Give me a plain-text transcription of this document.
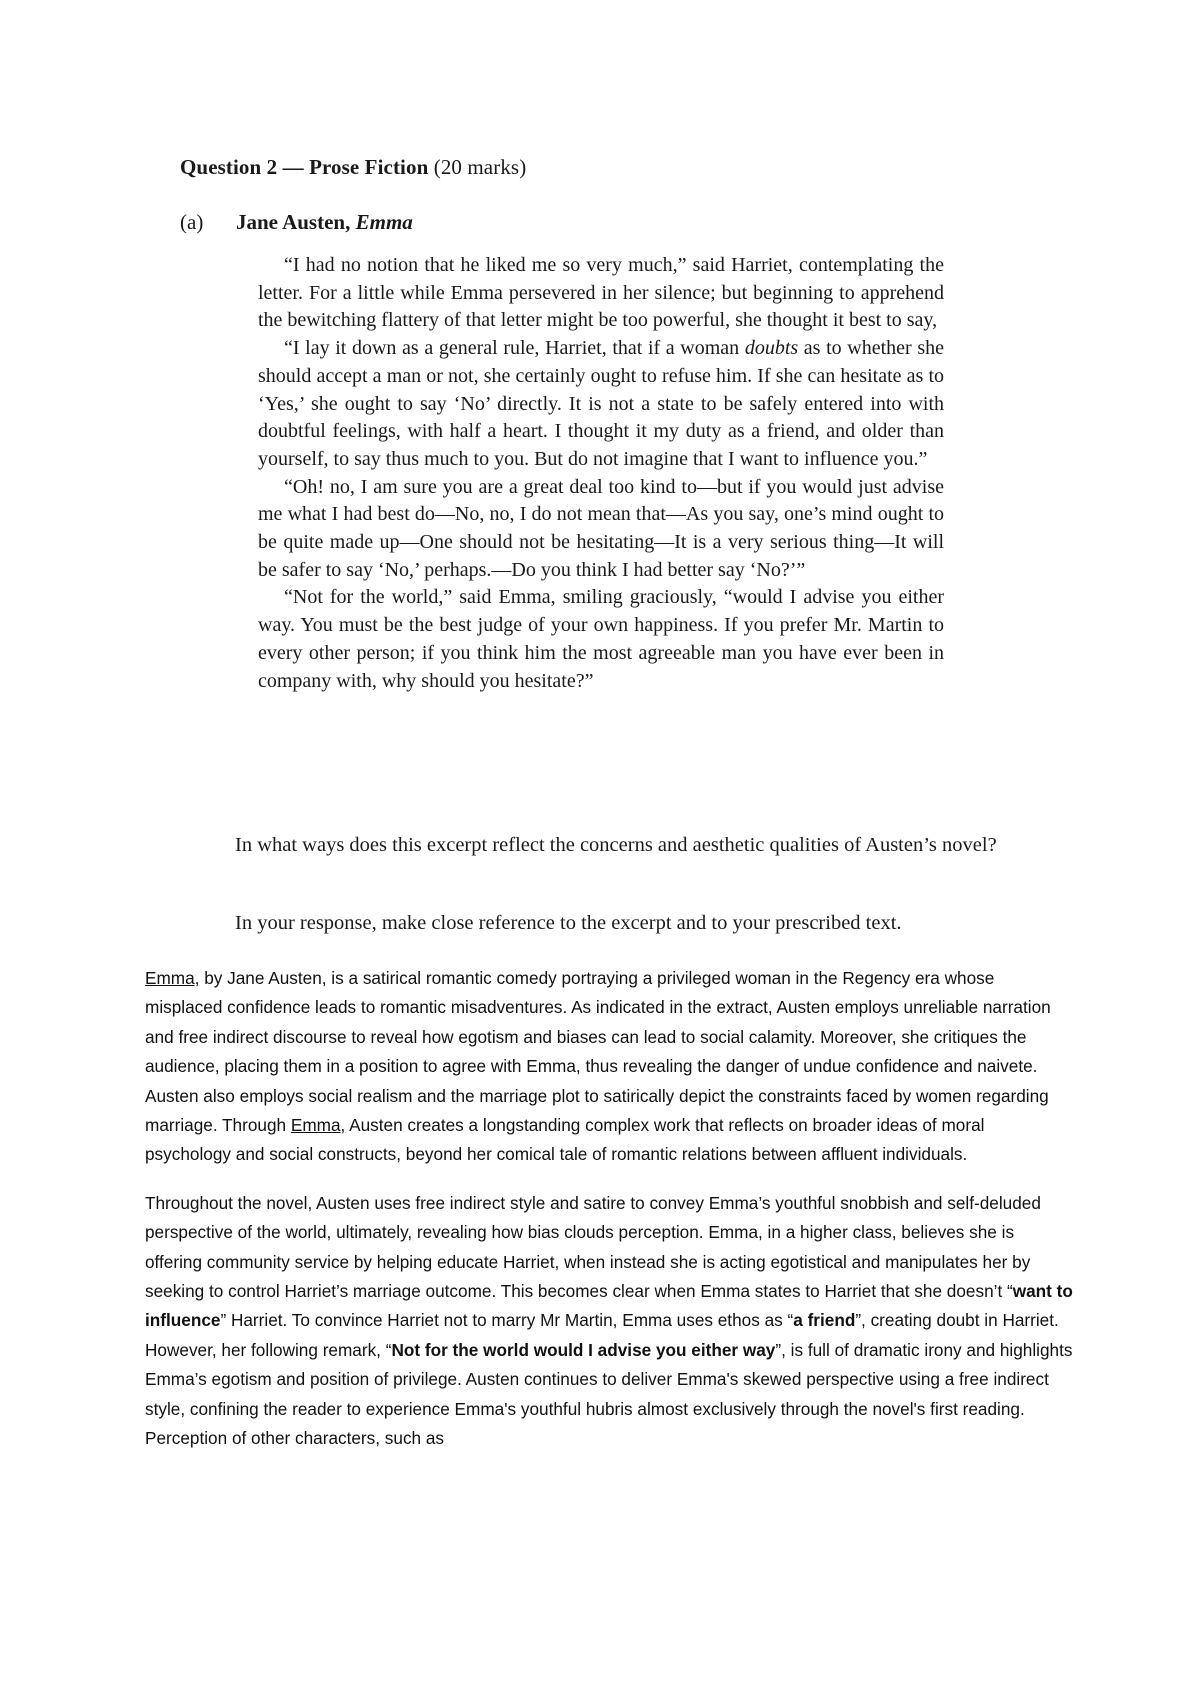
Question 2 — Prose Fiction (20 marks)
(a) Jane Austen, Emma

“I had no notion that he liked me so very much,” said Harriet, contemplating the letter. For a little while Emma persevered in her silence; but beginning to apprehend the bewitching flattery of that letter might be too powerful, she thought it best to say,

“I lay it down as a general rule, Harriet, that if a woman doubts as to whether she should accept a man or not, she certainly ought to refuse him. If she can hesitate as to ‘Yes,’ she ought to say ‘No’ directly. It is not a state to be safely entered into with doubtful feelings, with half a heart. I thought it my duty as a friend, and older than yourself, to say thus much to you. But do not imagine that I want to influence you.”

“Oh! no, I am sure you are a great deal too kind to—but if you would just advise me what I had best do—No, no, I do not mean that—As you say, one’s mind ought to be quite made up—One should not be hesitating—It is a very serious thing—It will be safer to say ‘No,’ perhaps.—Do you think I had better say ‘No?’”

“Not for the world,” said Emma, smiling graciously, “would I advise you either way. You must be the best judge of your own happiness. If you prefer Mr. Martin to every other person; if you think him the most agreeable man you have ever been in company with, why should you hesitate?”

In what ways does this excerpt reflect the concerns and aesthetic qualities of Austen’s novel?

In your response, make close reference to the excerpt and to your prescribed text.

Emma, by Jane Austen, is a satirical romantic comedy portraying a privileged woman in the Regency era whose misplaced confidence leads to romantic misadventures. As indicated in the extract, Austen employs unreliable narration and free indirect discourse to reveal how egotism and biases can lead to social calamity. Moreover, she critiques the audience, placing them in a position to agree with Emma, thus revealing the danger of undue confidence and naivete. Austen also employs social realism and the marriage plot to satirically depict the constraints faced by women regarding marriage. Through Emma, Austen creates a longstanding complex work that reflects on broader ideas of moral psychology and social constructs, beyond her comical tale of romantic relations between affluent individuals.

Throughout the novel, Austen uses free indirect style and satire to convey Emma’s youthful snobbish and self-deluded perspective of the world, ultimately, revealing how bias clouds perception. Emma, in a higher class, believes she is offering community service by helping educate Harriet, when instead she is acting egotistical and manipulates her by seeking to control Harriet’s marriage outcome. This becomes clear when Emma states to Harriet that she doesn’t “want to influence” Harriet. To convince Harriet not to marry Mr Martin, Emma uses ethos as “a friend”, creating doubt in Harriet. However, her following remark, “Not for the world would I advise you either way”, is full of dramatic irony and highlights Emma’s egotism and position of privilege. Austen continues to deliver Emma's skewed perspective using a free indirect style, confining the reader to experience Emma's youthful hubris almost exclusively through the novel's first reading. Perception of other characters, such as
